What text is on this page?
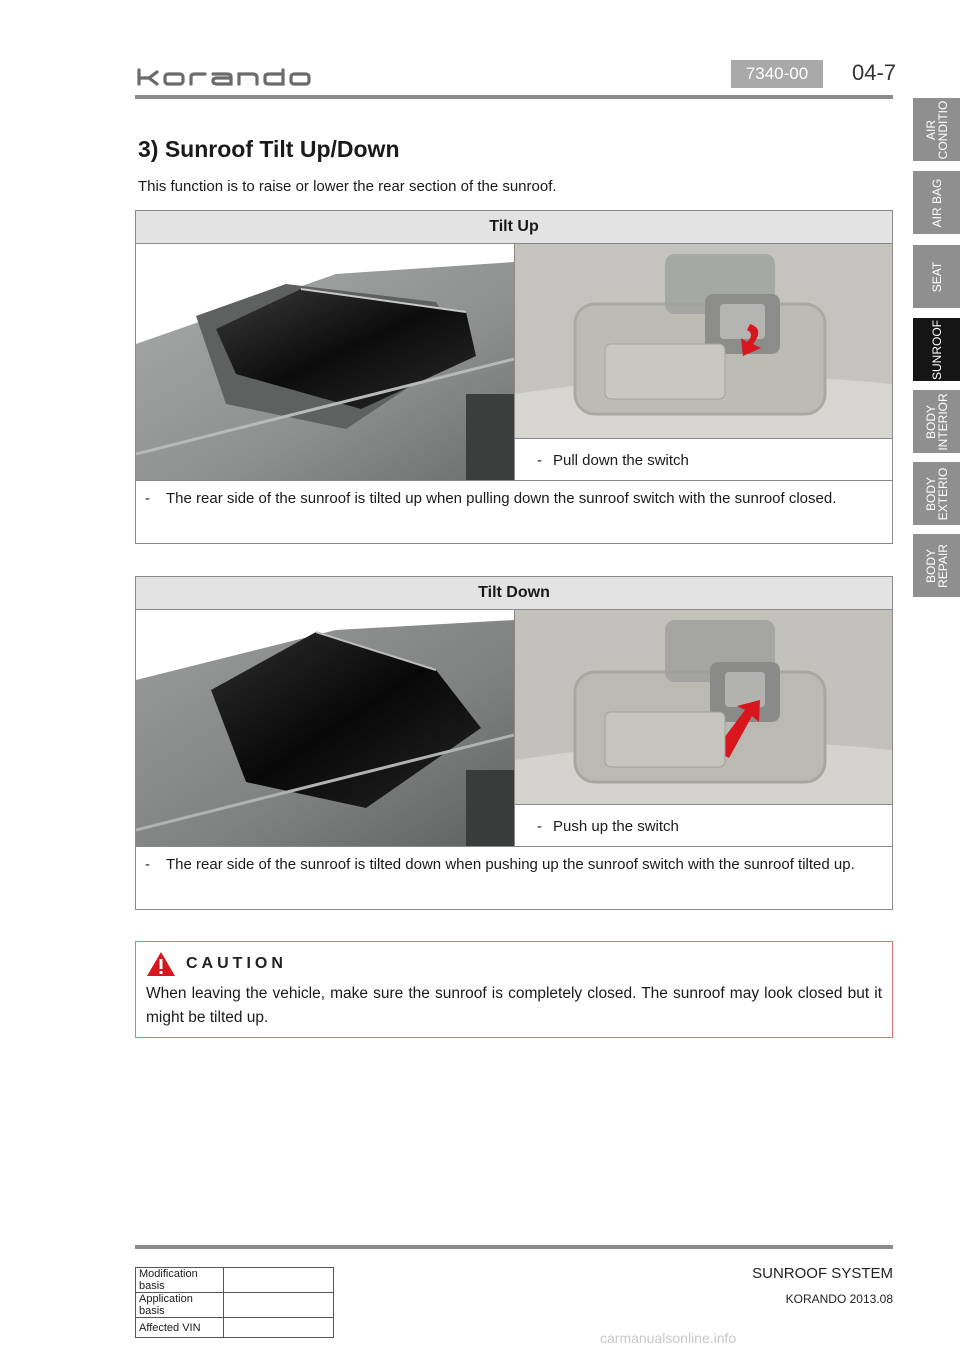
7340-00	04-7
AIR CONDITIO
AIR BAG
SEAT
SUNROOF
BODY INTERIOR
BODY EXTERIO
BODY REPAIR
3) Sunroof Tilt Up/Down
This function is to raise or lower the rear section of the sunroof.
Tilt Up
- Pull down the switch
- The rear side of the sunroof is tilted up when pulling down the sunroof switch with the sunroof closed.
Tilt Down
- Push up the switch
- The rear side of the sunroof is tilted down when pushing up the sunroof switch with the sunroof tilted up.
CAUTION
When leaving the vehicle, make sure the sunroof is completely closed. The sunroof may look closed but it might be tilted up.
Modification basis	
Application basis	
Affected VIN	
SUNROOF SYSTEM
KORANDO 2013.08
carmanualsonline.info
